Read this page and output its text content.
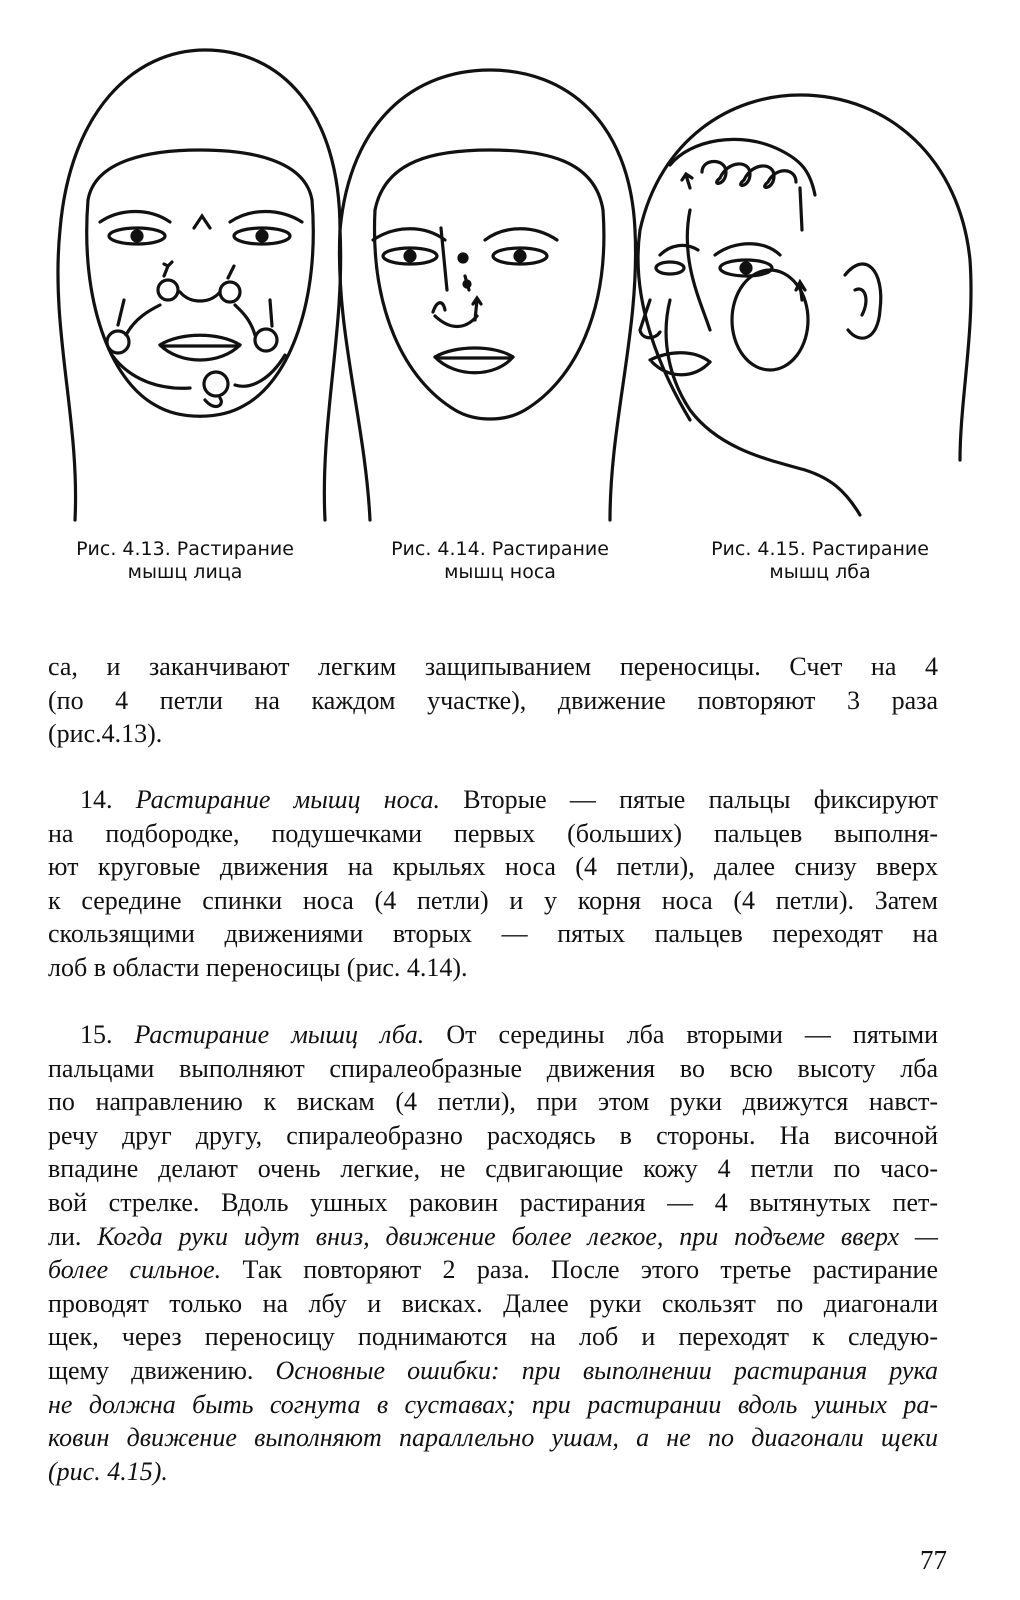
Рис. 4.13. Растирание
мышц лица
Рис. 4.14. Растирание
мышц носа
Рис. 4.15. Растирание
мышц лба
са, и заканчивают легким защипыванием переносицы. Счет на 4
(по 4 петли на каждом участке), движение повторяют 3 раза
(рис.4.13).
14. Растирание мышц носа. Вторые — пятые пальцы фиксируют
на подбородке, подушечками первых (больших) пальцев выполня-
ют круговые движения на крыльях носа (4 петли), далее снизу вверх
к середине спинки носа (4 петли) и у корня носа (4 петли). Затем
скользящими движениями вторых — пятых пальцев переходят на
лоб в области переносицы (рис. 4.14).
15. Растирание мышц лба. От середины лба вторыми — пятыми
пальцами выполняют спиралеобразные движения во всю высоту лба
по направлению к вискам (4 петли), при этом руки движутся навст-
речу друг другу, спиралеобразно расходясь в стороны. На височной
впадине делают очень легкие, не сдвигающие кожу 4 петли по часо-
вой стрелке. Вдоль ушных раковин растирания — 4 вытянутых пет-
ли. Когда руки идут вниз, движение более легкое, при подъеме вверх —
более сильное. Так повторяют 2 раза. После этого третье растирание
проводят только на лбу и висках. Далее руки скользят по диагонали
щек, через переносицу поднимаются на лоб и переходят к следую-
щему движению. Основные ошибки: при выполнении растирания рука
не должна быть согнута в суставах; при растирании вдоль ушных ра-
ковин движение выполняют параллельно ушам, а не по диагонали щеки
(рис. 4.15).
77
